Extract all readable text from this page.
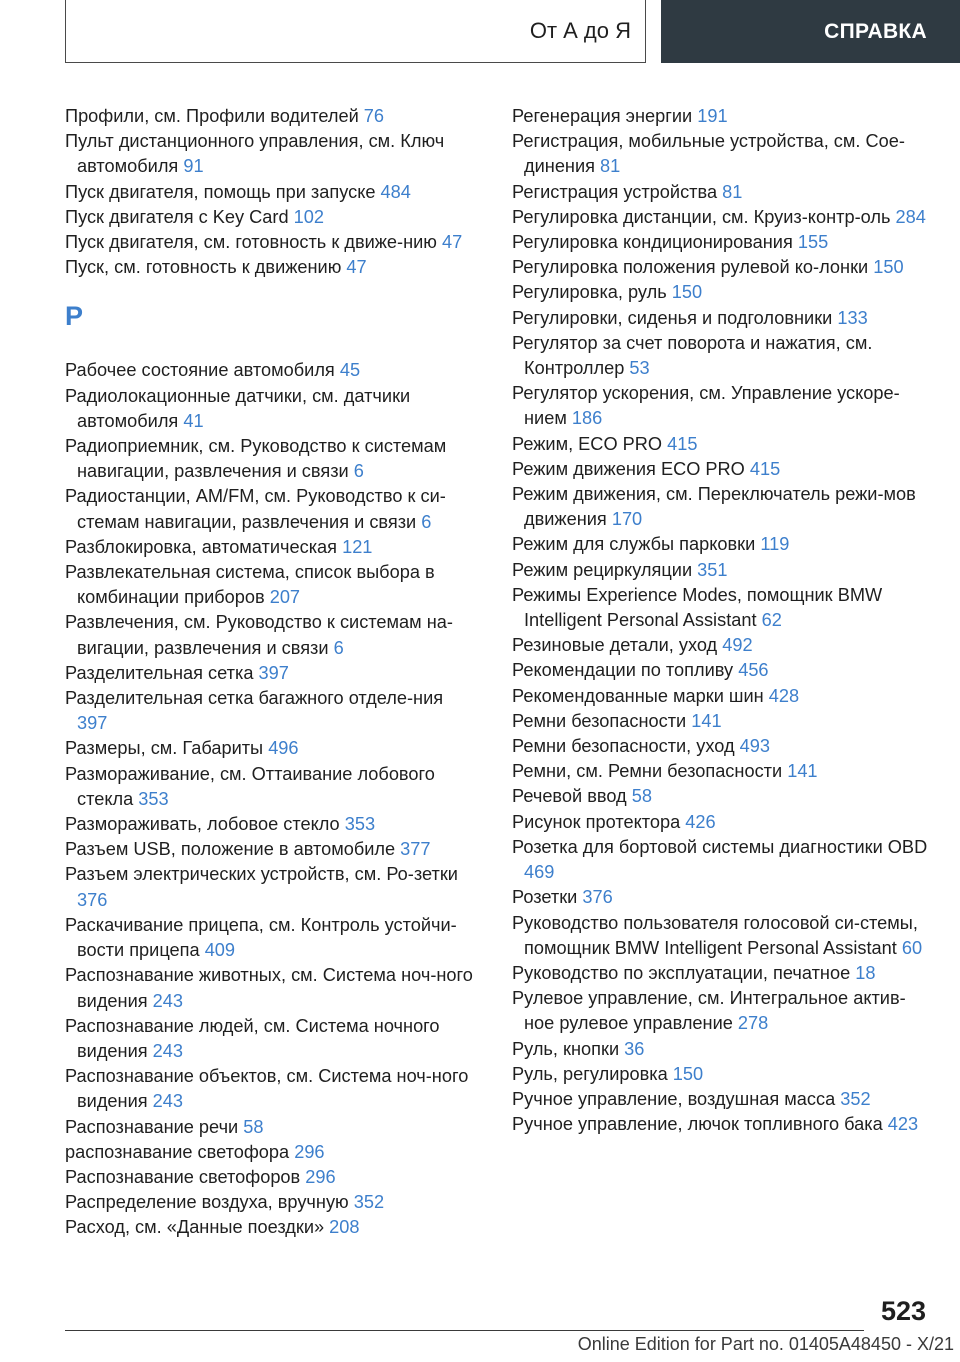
От А до Я	СПРАВКА
Профили, см. Профили водителей 76
Пульт дистанционного управления, см. Ключ автомобиля 91
Пуск двигателя, помощь при запуске 484
Пуск двигателя с Key Card 102
Пуск двигателя, см. готовность к движе-нию 47
Пуск, см. готовность к движению 47
Р
Рабочее состояние автомобиля 45
Радиолокационные датчики, см. датчики автомобиля 41
Радиоприемник, см. Руководство к системам навигации, развлечения и связи 6
Радиостанции, AM/FM, см. Руководство к си-стемам навигации, развлечения и связи 6
Разблокировка, автоматическая 121
Развлекательная система, список выбора в комбинации приборов 207
Развлечения, см. Руководство к системам на-вигации, развлечения и связи 6
Разделительная сетка 397
Разделительная сетка багажного отделе-ния 397
Размеры, см. Габариты 496
Размораживание, см. Оттаивание лобового стекла 353
Размораживать, лобовое стекло 353
Разъем USB, положение в автомобиле 377
Разъем электрических устройств, см. Ро-зетки 376
Раскачивание прицепа, см. Контроль устойчи-вости прицепа 409
Распознавание животных, см. Система ноч-ного видения 243
Распознавание людей, см. Система ночного видения 243
Распознавание объектов, см. Система ноч-ного видения 243
Распознавание речи 58
распознавание светофора 296
Распознавание светофоров 296
Распределение воздуха, вручную 352
Расход, см. «Данные поездки» 208
Регенерация энергии 191
Регистрация, мобильные устройства, см. Сое-динения 81
Регистрация устройства 81
Регулировка дистанции, см. Круиз-контр-оль 284
Регулировка кондиционирования 155
Регулировка положения рулевой ко-лонки 150
Регулировка, руль 150
Регулировки, сиденья и подголовники 133
Регулятор за счет поворота и нажатия, см. Контроллер 53
Регулятор ускорения, см. Управление ускоре-нием 186
Режим, ECO PRO 415
Режим движения ECO PRO 415
Режим движения, см. Переключатель режи-мов движения 170
Режим для службы парковки 119
Режим рециркуляции 351
Режимы Experience Modes, помощник BMW Intelligent Personal Assistant 62
Резиновые детали, уход 492
Рекомендации по топливу 456
Рекомендованные марки шин 428
Ремни безопасности 141
Ремни безопасности, уход 493
Ремни, см. Ремни безопасности 141
Речевой ввод 58
Рисунок протектора 426
Розетка для бортовой системы диагностики OBD 469
Розетки 376
Руководство пользователя голосовой си-стемы, помощник BMW Intelligent Personal Assistant 60
Руководство по эксплуатации, печатное 18
Рулевое управление, см. Интегральное актив-ное рулевое управление 278
Руль, кнопки 36
Руль, регулировка 150
Ручное управление, воздушная масса 352
Ручное управление, лючок топливного бака 423
523
Online Edition for Part no. 01405A48450 - X/21
